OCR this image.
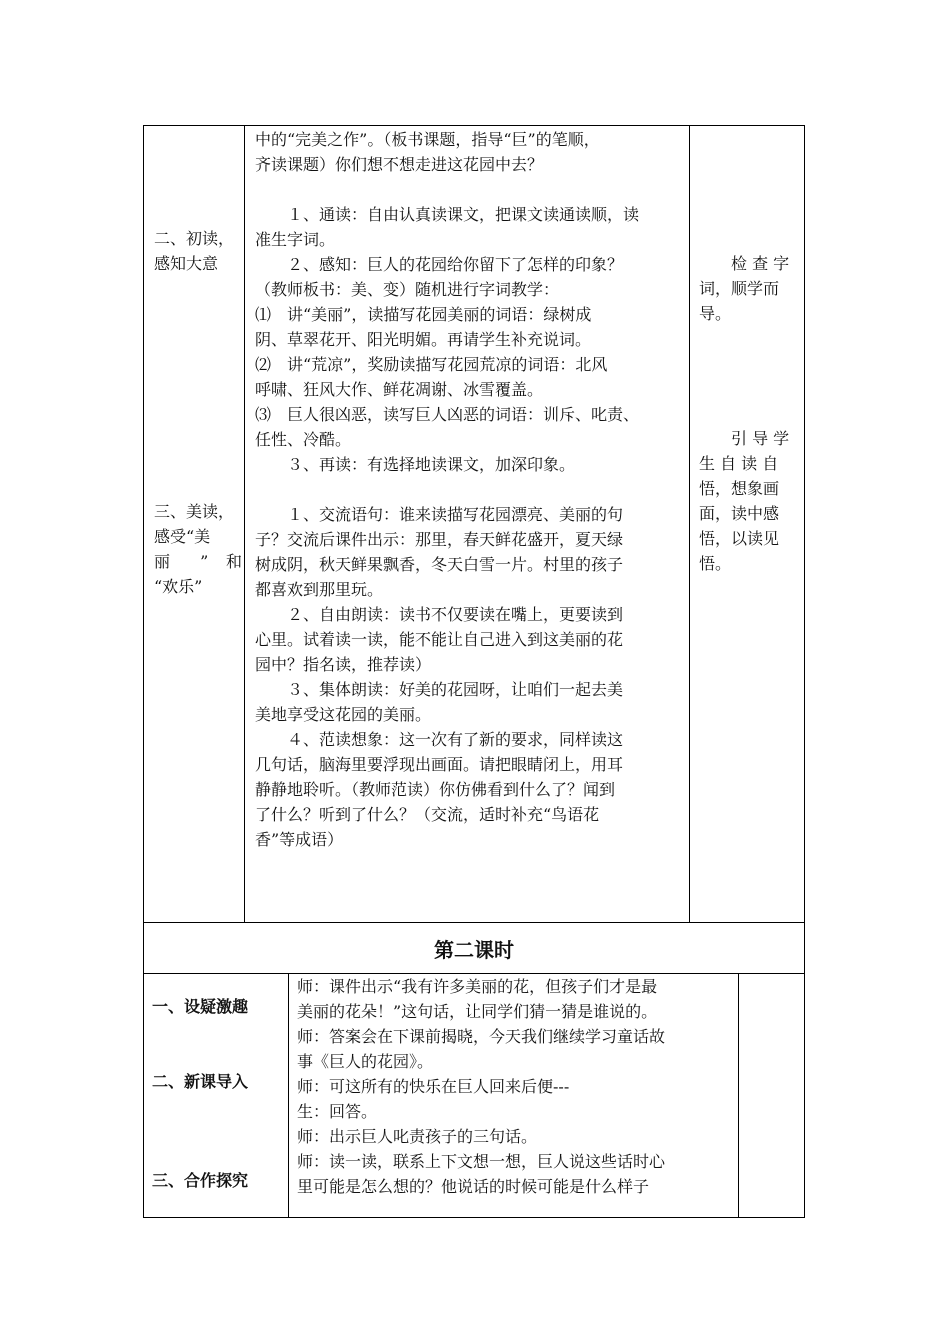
二、初读，
感知大意
三、美读，
感受“美
丽 ” 和
“欢乐”
中的“完美之作”。（板书课题，指导“巨”的笔顺，
齐读课题）你们想不想走进这花园中去？
１、通读：自由认真读课文，把课文读通读顺，读
准生字词。
２、感知：巨人的花园给你留下了怎样的印象？
（教师板书：美、变）随机进行字词教学：
⑴　讲“美丽”，读描写花园美丽的词语：绿树成
阴、草翠花开、阳光明媚。再请学生补充说词。
⑵　讲“荒凉”，奖励读描写花园荒凉的词语：北风
呼啸、狂风大作、鲜花凋谢、冰雪覆盖。
⑶　巨人很凶恶，读写巨人凶恶的词语：训斥、叱责、
任性、冷酷。
３、再读：有选择地读课文，加深印象。
１、交流语句：谁来读描写花园漂亮、美丽的句
子？交流后课件出示：那里，春天鲜花盛开，夏天绿
树成阴，秋天鲜果飘香，冬天白雪一片。村里的孩子
都喜欢到那里玩。
２、自由朗读：读书不仅要读在嘴上，更要读到
心里。试着读一读，能不能让自己进入到这美丽的花
园中？指名读，推荐读）
３、集体朗读：好美的花园呀，让咱们一起去美
美地享受这花园的美丽。
４、范读想象：这一次有了新的要求，同样读这
几句话，脑海里要浮现出画面。请把眼睛闭上，用耳
静静地聆听。（教师范读）你仿佛看到什么了？闻到
了什么？听到了什么？（交流，适时补充“鸟语花
香”等成语）
检 查 字
词，顺学而
导。
引 导 学
生 自 读 自
悟，想象画
面，读中感
悟，以读见
悟。
第二课时
一、设疑激趣
二、新课导入
三、合作探究
师：课件出示“我有许多美丽的花，但孩子们才是最
美丽的花朵！”这句话，让同学们猜一猜是谁说的。
师：答案会在下课前揭晓，今天我们继续学习童话故
事《巨人的花园》。
师：可这所有的快乐在巨人回来后便---
生：回答。
师：出示巨人叱责孩子的三句话。
师：读一读，联系上下文想一想，巨人说这些话时心
里可能是怎么想的？他说话的时候可能是什么样子
